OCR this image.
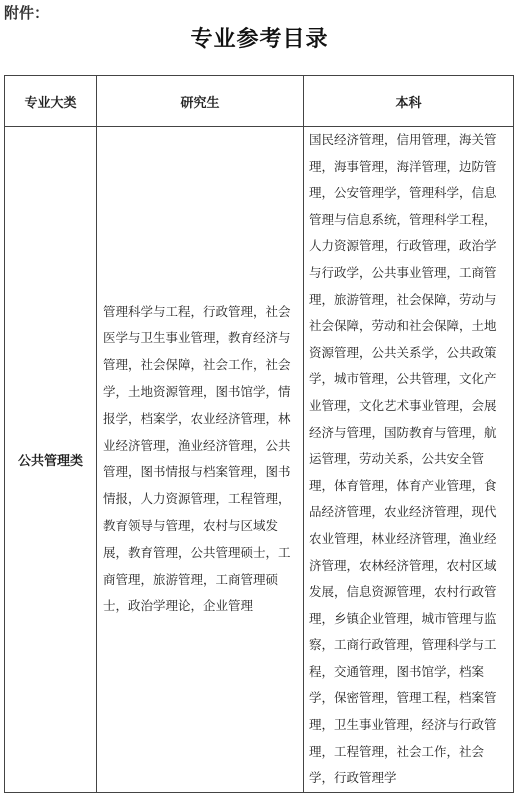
附件：
专业参考目录
专业大类	研究生	本科
公共管理类	管理科学与工程，行政管理，社会医学与卫生事业管理，教育经济与管理，社会保障，社会工作，社会学，土地资源管理，图书馆学，情报学，档案学，农业经济管理，林业经济管理，渔业经济管理，公共管理，图书情报与档案管理，图书情报，人力资源管理，工程管理，教育领导与管理，农村与区域发展，教育管理，公共管理硕士，工商管理，旅游管理，工商管理硕士，政治学理论，企业管理	国民经济管理，信用管理，海关管理，海事管理，海洋管理，边防管理，公安管理学，管理科学，信息管理与信息系统，管理科学工程，人力资源管理，行政管理，政治学与行政学，公共事业管理，工商管理，旅游管理，社会保障，劳动与社会保障，劳动和社会保障，土地资源管理，公共关系学，公共政策学，城市管理，公共管理，文化产业管理，文化艺术事业管理，会展经济与管理，国防教育与管理，航运管理，劳动关系，公共安全管理，体育管理，体育产业管理，食品经济管理，农业经济管理，现代农业管理，林业经济管理，渔业经济管理，农林经济管理，农村区域发展，信息资源管理，农村行政管理，乡镇企业管理，城市管理与监察，工商行政管理，管理科学与工程，交通管理，图书馆学，档案学，保密管理，管理工程，档案管理，卫生事业管理，经济与行政管理，工程管理，社会工作，社会学，行政管理学
